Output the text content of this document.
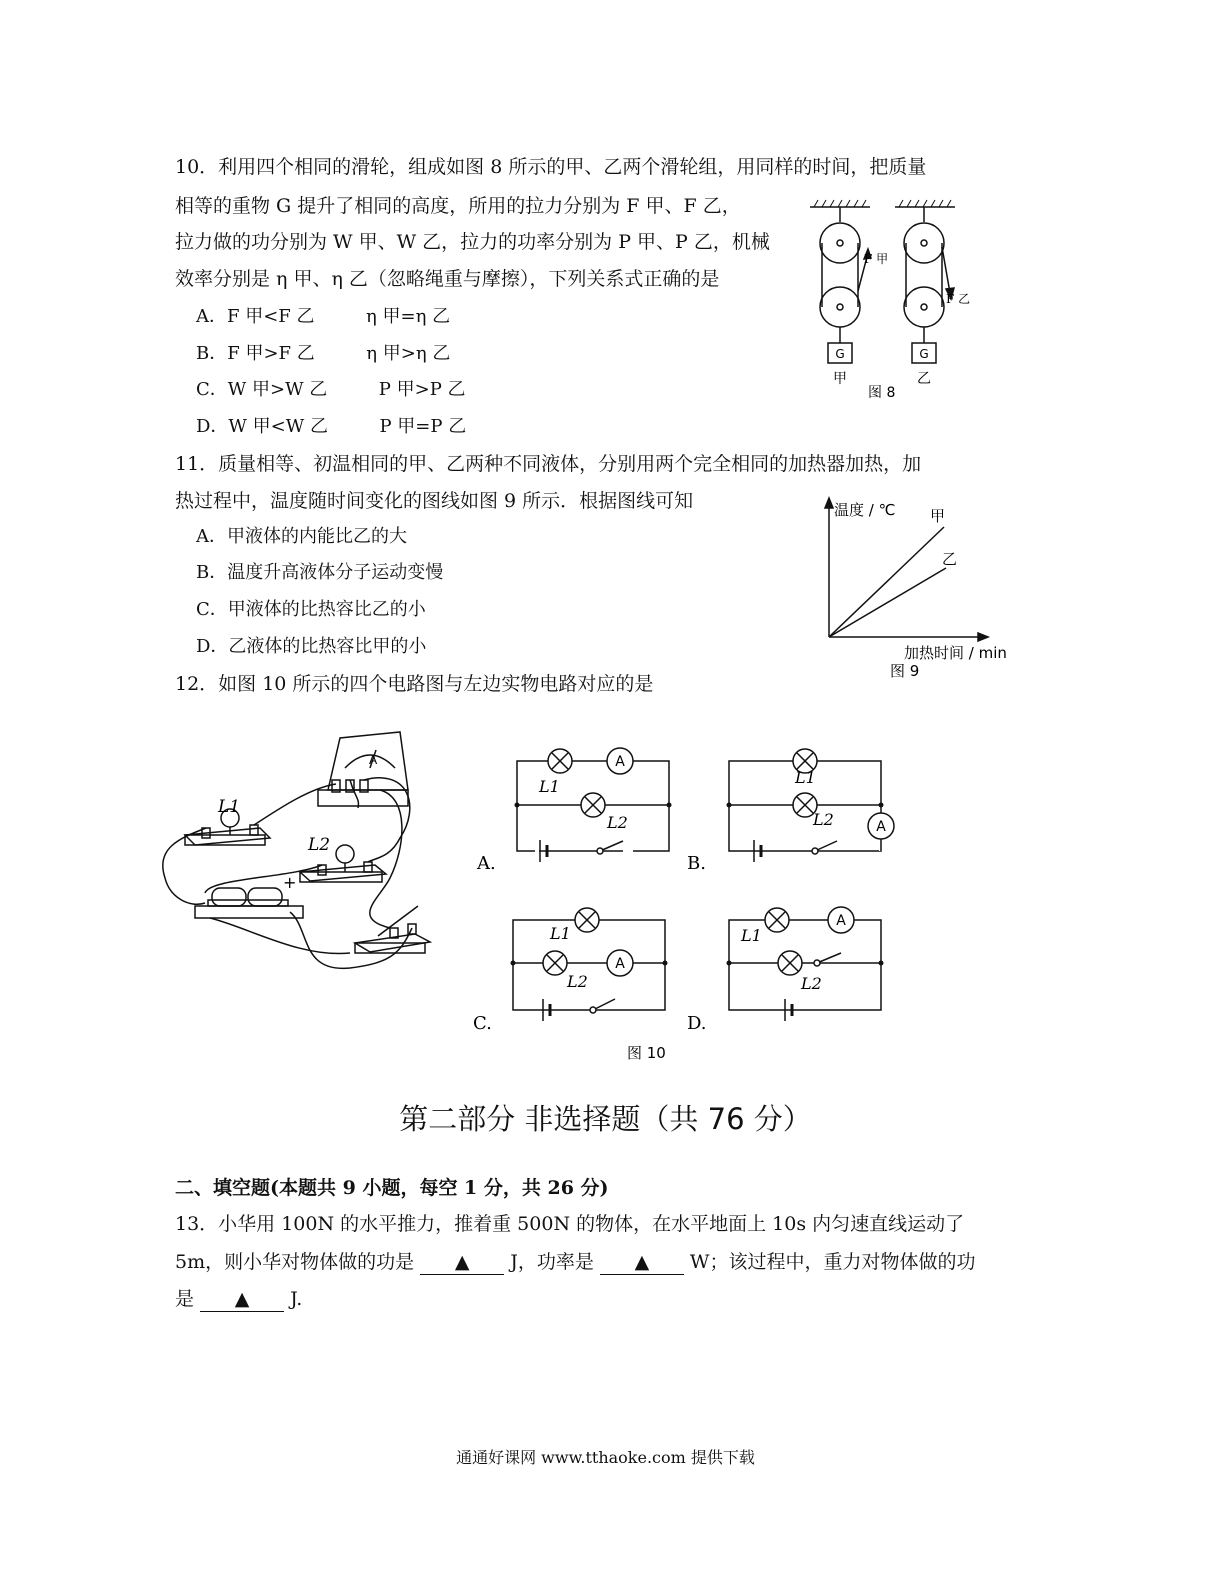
10．利用四个相同的滑轮，组成如图 8 所示的甲、乙两个滑轮组，用同样的时间，把质量
相等的重物 G 提升了相同的高度，所用的拉力分别为 F 甲、F 乙，
拉力做的功分别为 W 甲、W 乙，拉力的功率分别为 P 甲、P 乙，机械
效率分别是 η 甲、η 乙（忽略绳重与摩擦），下列关系式正确的是
A．F 甲<F 乙         η 甲=η 乙
B．F 甲>F 乙         η 甲>η 乙
C．W 甲>W 乙         P 甲>P 乙
D．W 甲<W 乙         P 甲=P 乙
G	G
F 甲
F 乙
甲	乙
图 8
11．质量相等、初温相同的甲、乙两种不同液体，分别用两个完全相同的加热器加热，加
热过程中，温度随时间变化的图线如图 9 所示．根据图线可知
A．甲液体的内能比乙的大
B．温度升高液体分子运动变慢
C．甲液体的比热容比乙的小
D．乙液体的比热容比甲的小
温度 / ℃ 甲
乙
加热时间 / min
图 9
12．如图 10 所示的四个电路图与左边实物电路对应的是
A
L1
L2
+
A
A
A
A
L1
L2
L1
L2
L1
L2
L1
L2
A.	B.
C.	D.
图 10
第二部分 非选择题（共 76 分）
二、填空题(本题共 9 小题，每空 1 分，共 26 分)
13．小华用 100N 的水平推力，推着重 500N 的物体，在水平地面上 10s 内匀速直线运动了
5m，则小华对物体做的功是 ▲ J，功率是 ▲ W；该过程中，重力对物体做的功
是 ▲ J.
通通好课网 www.tthaoke.com 提供下载
